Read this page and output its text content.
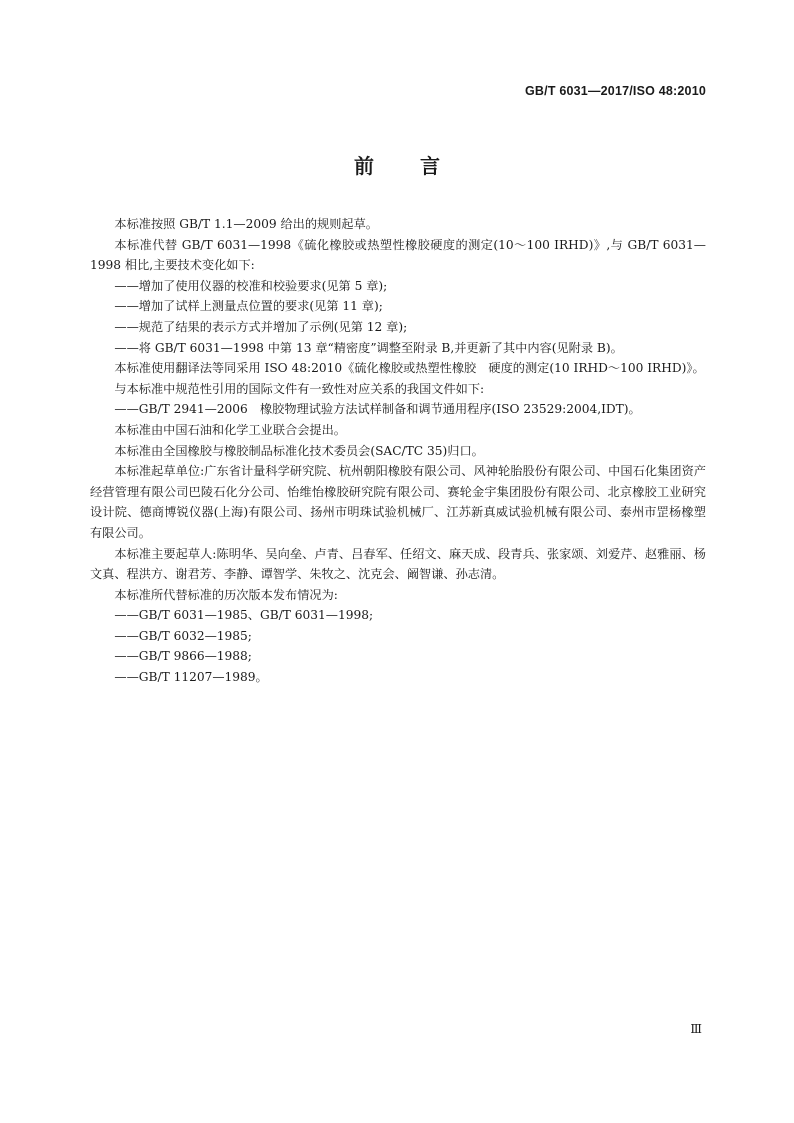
GB/T 6031—2017/ISO 48:2010
前言

本标准按照 GB/T 1.1—2009 给出的规则起草。

本标准代替 GB/T 6031—1998《硫化橡胶或热塑性橡胶硬度的测定(10～100 IRHD)》,与 GB/T 6031—1998 相比,主要技术变化如下:

——增加了使用仪器的校准和校验要求(见第 5 章);

——增加了试样上测量点位置的要求(见第 11 章);

——规范了结果的表示方式并增加了示例(见第 12 章);

——将 GB/T 6031—1998 中第 13 章“精密度”调整至附录 B,并更新了其中内容(见附录 B)。

本标准使用翻译法等同采用 ISO 48:2010《硫化橡胶或热塑性橡胶　硬度的测定(10 IRHD～100 IRHD)》。

与本标准中规范性引用的国际文件有一致性对应关系的我国文件如下:

——GB/T 2941—2006　橡胶物理试验方法试样制备和调节通用程序(ISO 23529:2004,IDT)。

本标准由中国石油和化学工业联合会提出。

本标准由全国橡胶与橡胶制品标准化技术委员会(SAC/TC 35)归口。

本标准起草单位:广东省计量科学研究院、杭州朝阳橡胶有限公司、风神轮胎股份有限公司、中国石化集团资产经营管理有限公司巴陵石化分公司、怡维怡橡胶研究院有限公司、赛轮金宇集团股份有限公司、北京橡胶工业研究设计院、德商博锐仪器(上海)有限公司、扬州市明珠试验机械厂、江苏新真威试验机械有限公司、泰州市罡杨橡塑有限公司。

本标准主要起草人:陈明华、吴向垒、卢青、吕春军、任绍文、麻天成、段青兵、张家颂、刘爱芹、赵雅丽、杨文真、程洪方、谢君芳、李静、谭智学、朱牧之、沈克会、阚智谦、孙志清。

本标准所代替标准的历次版本发布情况为:

——GB/T 6031—1985、GB/T 6031—1998;

——GB/T 6032—1985;

——GB/T 9866—1988;

——GB/T 11207—1989。

Ⅲ
